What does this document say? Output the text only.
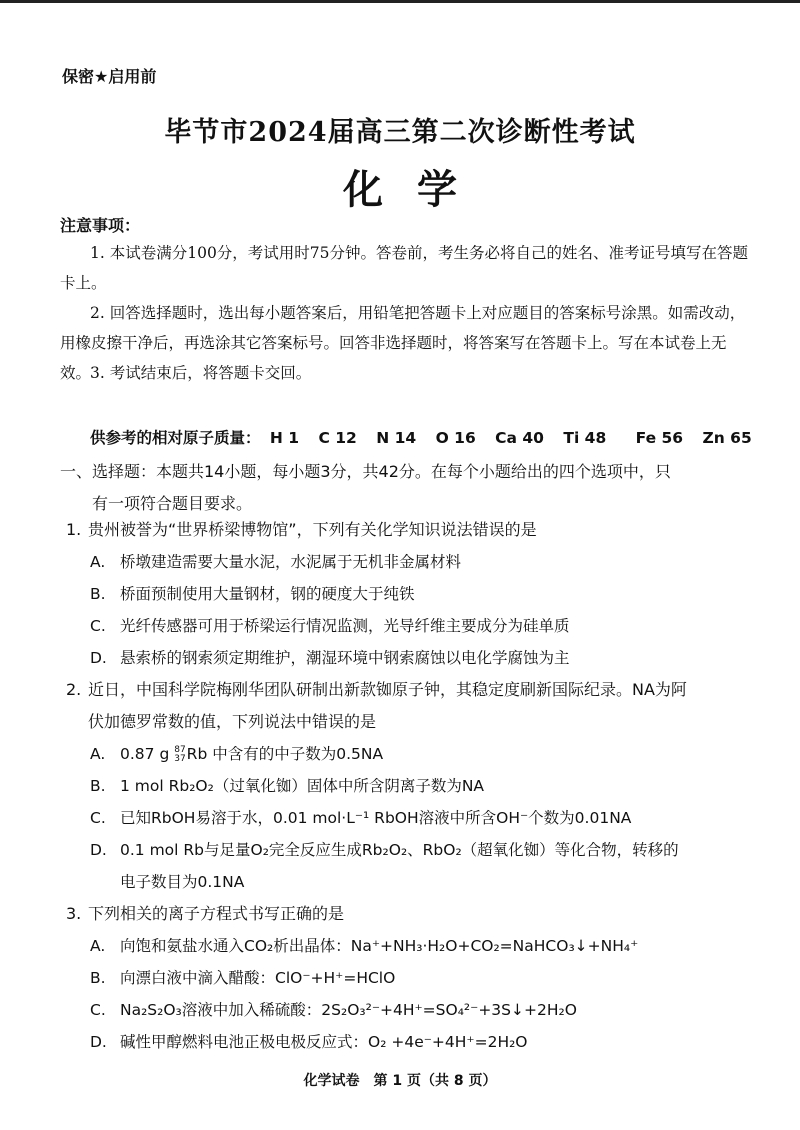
保密★启用前
毕节市2024届高三第二次诊断性考试
化学
注意事项：
1. 本试卷满分100分，考试用时75分钟。答卷前，考生务必将自己的姓名、准考证号填写在答题卡上。
2. 回答选择题时，选出每小题答案后，用铅笔把答题卡上对应题目的答案标号涂黑。如需改动，用橡皮擦干净后，再选涂其它答案标号。回答非选择题时，将答案写在答题卡上。写在本试卷上无效。
3. 考试结束后，将答题卡交回。
供参考的相对原子质量： H 1 C 12 N 14 O 16 Ca 40 Ti 48 Fe 56 Zn 65
一、选择题：本题共14小题，每小题3分，共42分。在每个小题给出的四个选项中，只
有一项符合题目要求。
1. 贵州被誉为“世界桥梁博物馆”，下列有关化学知识说法错误的是
A. 桥墩建造需要大量水泥，水泥属于无机非金属材料
B. 桥面预制使用大量钢材，钢的硬度大于纯铁
C. 光纤传感器可用于桥梁运行情况监测，光导纤维主要成分为硅单质
D. 悬索桥的钢索须定期维护，潮湿环境中钢索腐蚀以电化学腐蚀为主
2. 近日，中国科学院梅刚华团队研制出新款铷原子钟，其稳定度刷新国际纪录。NA为阿
伏加德罗常数的值，下列说法中错误的是
A. 0.87 g 87
37Rb 中含有的中子数为0.5NA
B. 1 mol Rb₂O₂（过氧化铷）固体中所含阴离子数为NA
C. 已知RbOH易溶于水，0.01 mol·L⁻¹ RbOH溶液中所含OH⁻个数为0.01NA
D. 0.1 mol Rb与足量O₂完全反应生成Rb₂O₂、RbO₂（超氧化铷）等化合物，转移的
电子数目为0.1NA
3. 下列相关的离子方程式书写正确的是
A. 向饱和氨盐水通入CO₂析出晶体：Na⁺+NH₃·H₂O+CO₂=NaHCO₃↓+NH₄⁺
B. 向漂白液中滴入醋酸：ClO⁻+H⁺=HClO
C. Na₂S₂O₃溶液中加入稀硫酸：2S₂O₃²⁻+4H⁺=SO₄²⁻+3S↓+2H₂O
D. 碱性甲醇燃料电池正极电极反应式：O₂ +4e⁻+4H⁺=2H₂O
化学试卷　第 1 页（共 8 页）
